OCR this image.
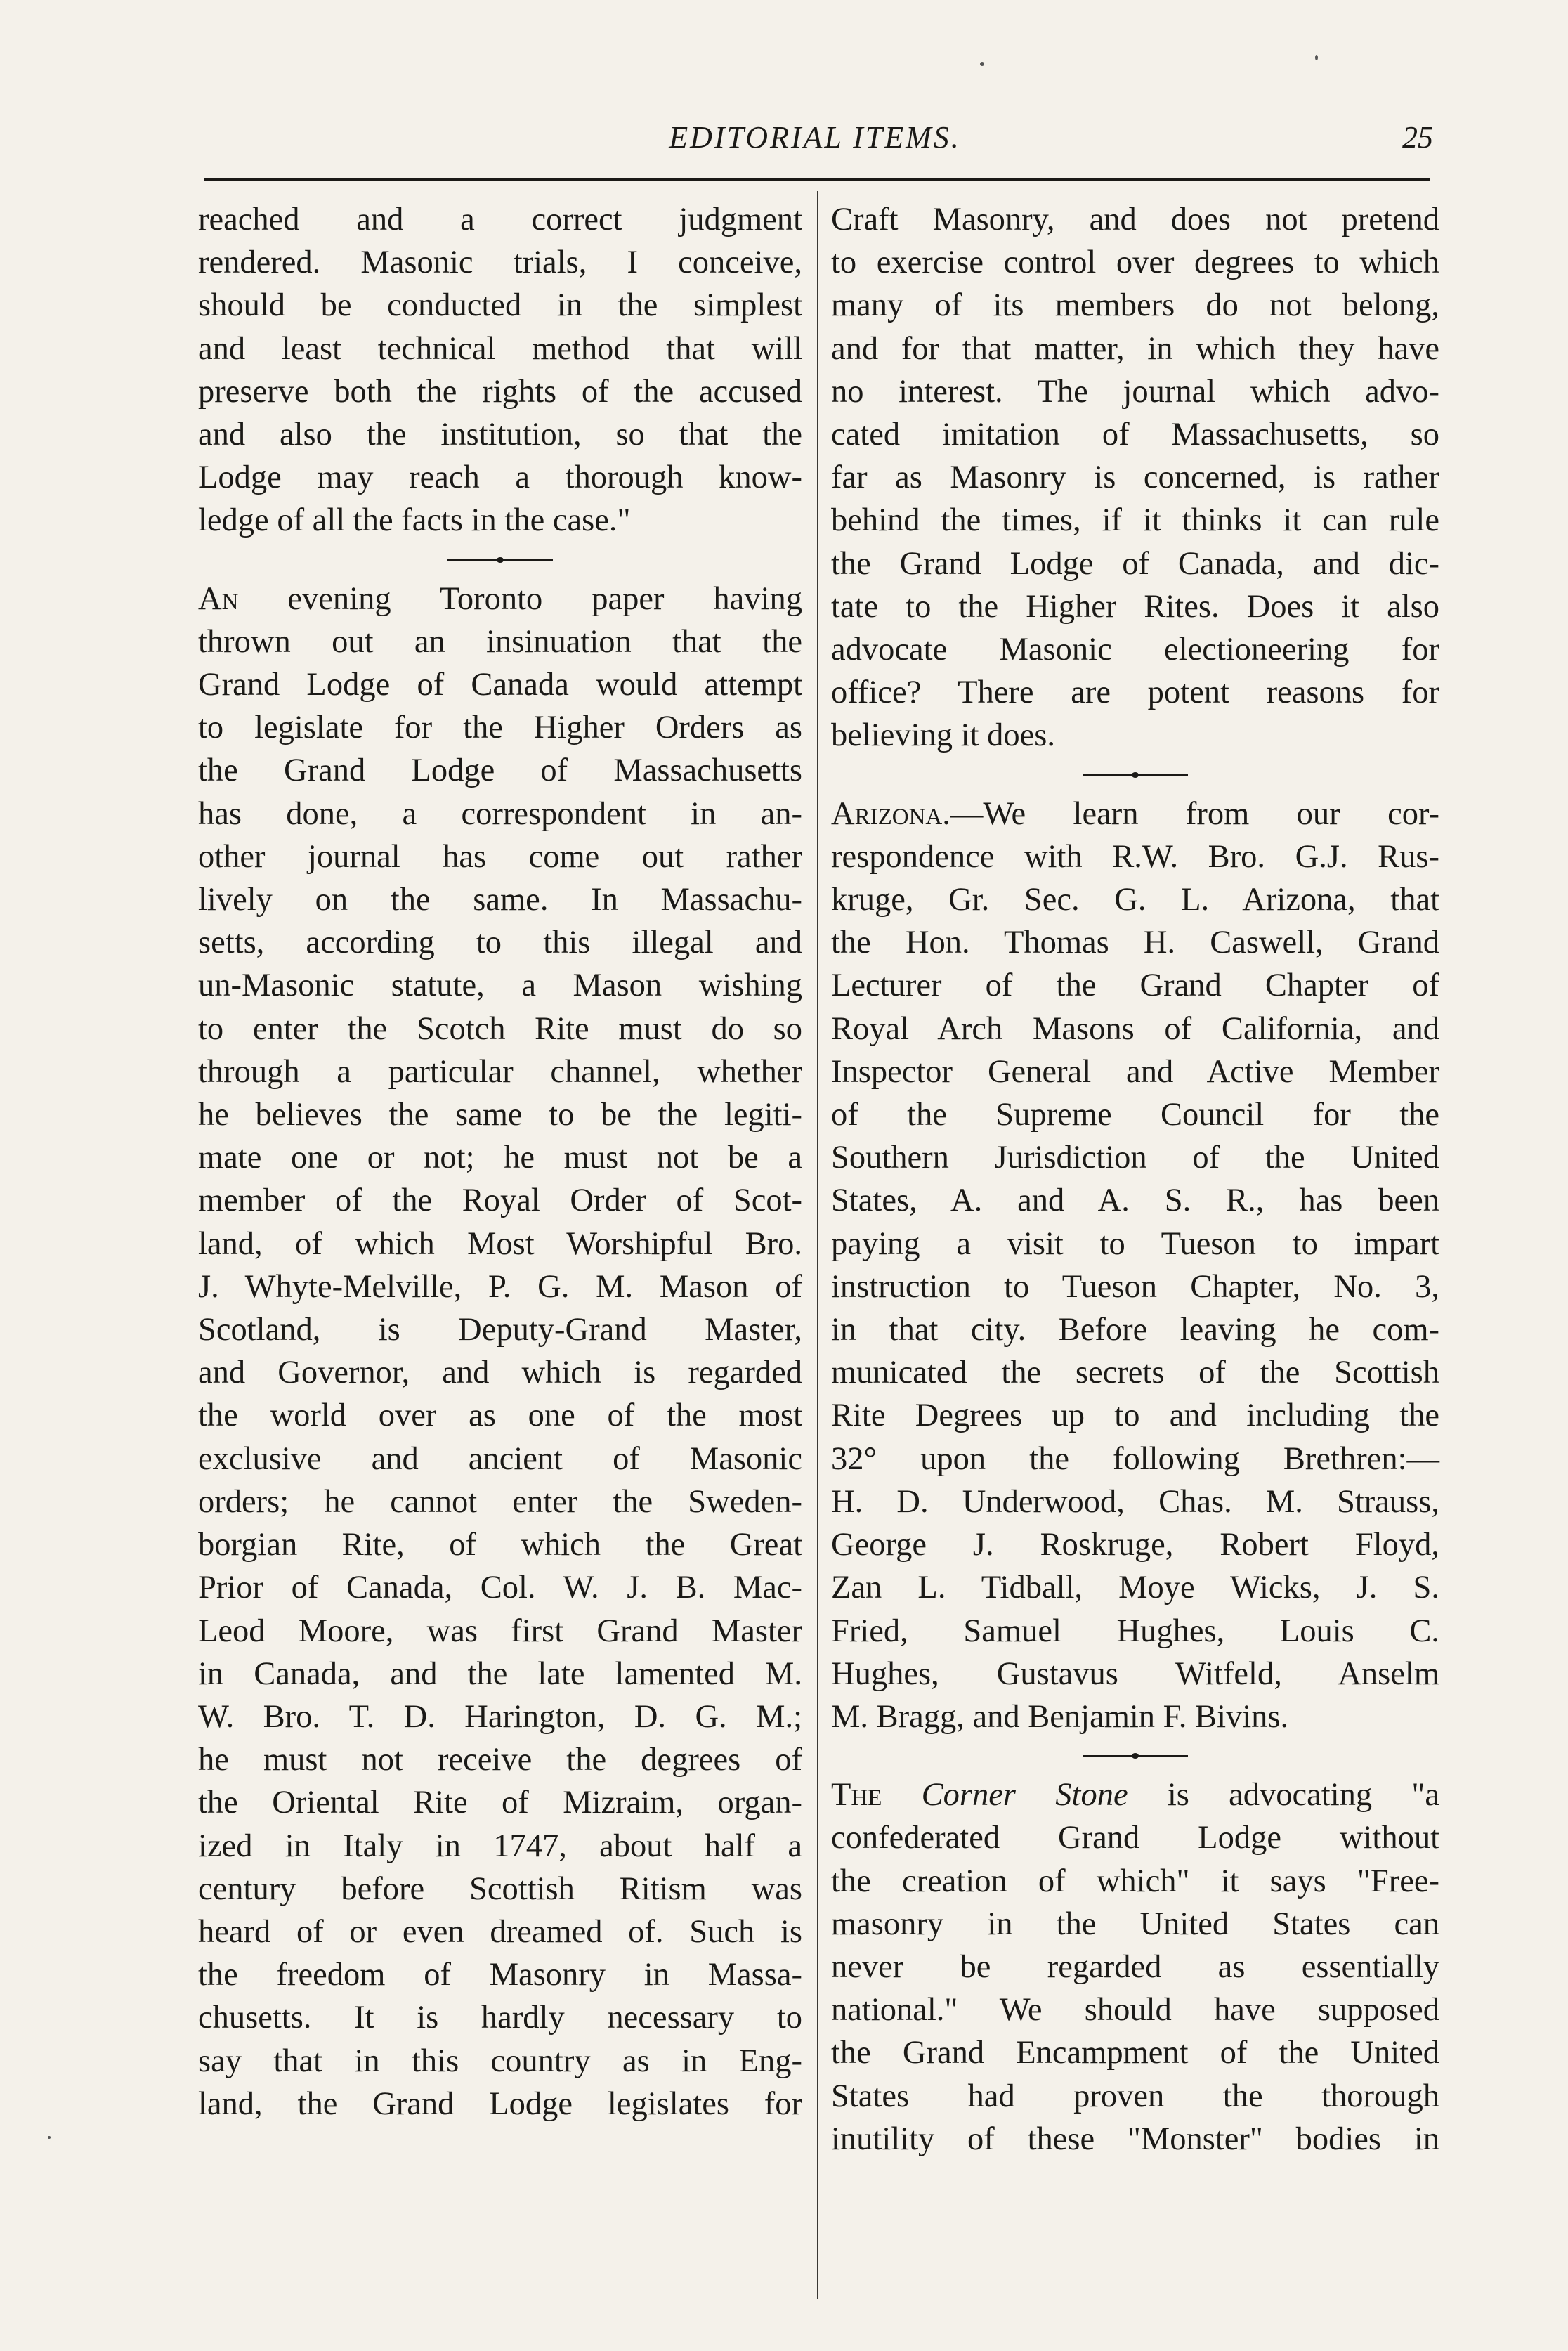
EDITORIAL ITEMS.	25
reached and a correct judgment
rendered. Masonic trials, I conceive,
should be conducted in the simplest
and least technical method that will
preserve both the rights of the accused
and also the institution, so that the
Lodge may reach a thorough know-
ledge of all the facts in the case."
An evening Toronto paper having
thrown out an insinuation that the
Grand Lodge of Canada would attempt
to legislate for the Higher Orders as
the Grand Lodge of Massachusetts
has done, a correspondent in an-
other journal has come out rather
lively on the same. In Massachu-
setts, according to this illegal and
un-Masonic statute, a Mason wishing
to enter the Scotch Rite must do so
through a particular channel, whether
he believes the same to be the legiti-
mate one or not; he must not be a
member of the Royal Order of Scot-
land, of which Most Worshipful Bro.
J. Whyte-Melville, P. G. M. Mason of
Scotland, is Deputy-Grand Master,
and Governor, and which is regarded
the world over as one of the most
exclusive and ancient of Masonic
orders; he cannot enter the Sweden-
borgian Rite, of which the Great
Prior of Canada, Col. W. J. B. Mac-
Leod Moore, was first Grand Master
in Canada, and the late lamented M.
W. Bro. T. D. Harington, D. G. M.;
he must not receive the degrees of
the Oriental Rite of Mizraim, organ-
ized in Italy in 1747, about half a
century before Scottish Ritism was
heard of or even dreamed of. Such is
the freedom of Masonry in Massa-
chusetts. It is hardly necessary to
say that in this country as in Eng-
land, the Grand Lodge legislates for
Craft Masonry, and does not pretend
to exercise control over degrees to which
many of its members do not belong,
and for that matter, in which they have
no interest. The journal which advo-
cated imitation of Massachusetts, so
far as Masonry is concerned, is rather
behind the times, if it thinks it can rule
the Grand Lodge of Canada, and dic-
tate to the Higher Rites. Does it also
advocate Masonic electioneering for
office? There are potent reasons for
believing it does.
Arizona.—We learn from our cor-
respondence with R.W. Bro. G.J. Rus-
kruge, Gr. Sec. G. L. Arizona, that
the Hon. Thomas H. Caswell, Grand
Lecturer of the Grand Chapter of
Royal Arch Masons of California, and
Inspector General and Active Member
of the Supreme Council for the
Southern Jurisdiction of the United
States, A. and A. S. R., has been
paying a visit to Tueson to impart
instruction to Tueson Chapter, No. 3,
in that city. Before leaving he com-
municated the secrets of the Scottish
Rite Degrees up to and including the
32° upon the following Brethren:—
H. D. Underwood, Chas. M. Strauss,
George J. Roskruge, Robert Floyd,
Zan L. Tidball, Moye Wicks, J. S.
Fried, Samuel Hughes, Louis C.
Hughes, Gustavus Witfeld, Anselm
M. Bragg, and Benjamin F. Bivins.
The Corner Stone is advocating "a
confederated Grand Lodge without
the creation of which" it says "Free-
masonry in the United States can
never be regarded as essentially
national." We should have supposed
the Grand Encampment of the United
States had proven the thorough
inutility of these "Monster" bodies in
